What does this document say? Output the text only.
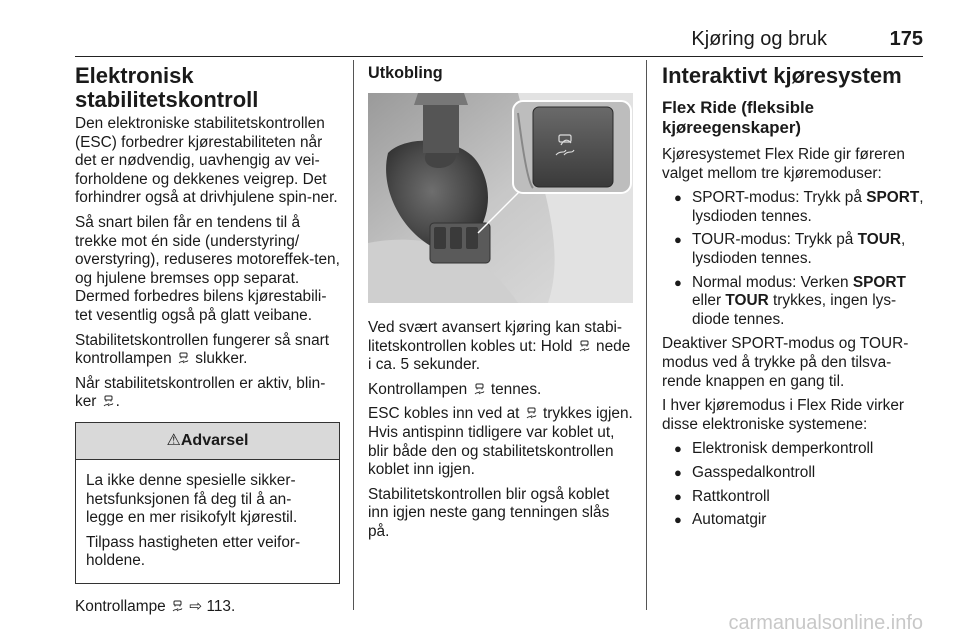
Kjøring og bruk	175
Elektronisk stabilitetskontroll

Den elektroniske stabilitetskontrollen (ESC) forbedrer kjørestabiliteten når det er nødvendig, uavhengig av vei-forholdene og dekkenes veigrep. Det forhindrer også at drivhjulene spin-ner.

Så snart bilen får en tendens til å trekke mot én side (understyring/ overstyring), reduseres motoreffek-ten, og hjulene bremses opp separat. Dermed forbedres bilens kjørestabili-tet vesentlig også på glatt veibane.

Stabilitetskontrollen fungerer så snart kontrollampen slukker.

Når stabilitetskontrollen er aktiv, blin-ker .

⚠Advarsel

La ikke denne spesielle sikker-hetsfunksjonen få deg til å an-legge en mer risikofylt kjørestil.

Tilpass hastigheten etter veifor-holdene.

Kontrollampe ⇨ 113.

Utkobling

Ved svært avansert kjøring kan stabi-litetskontrollen kobles ut: Hold nede i ca. 5 sekunder.

Kontrollampen tennes.

ESC kobles inn ved at trykkes igjen. Hvis antispinn tidligere var koblet ut, blir både den og stabilitetskontrollen koblet inn igjen.

Stabilitetskontrollen blir også koblet inn igjen neste gang tenningen slås på.

Interaktivt kjøresystem
Flex Ride (fleksible kjøreegenskaper)

Kjøresystemet Flex Ride gir føreren valget mellom tre kjøremoduser:

● SPORT-modus: Trykk på SPORT, lysdioden tennes.
● TOUR-modus: Trykk på TOUR, lysdioden tennes.
● Normal modus: Verken SPORT eller TOUR trykkes, ingen lys-diode tennes.

Deaktiver SPORT-modus og TOUR-modus ved å trykke på den tilsva-rende knappen en gang til.

I hver kjøremodus i Flex Ride virker disse elektroniske systemene:

● Elektronisk demperkontroll
● Gasspedalkontroll
● Rattkontroll
● Automatgir
carmanualsonline.info
